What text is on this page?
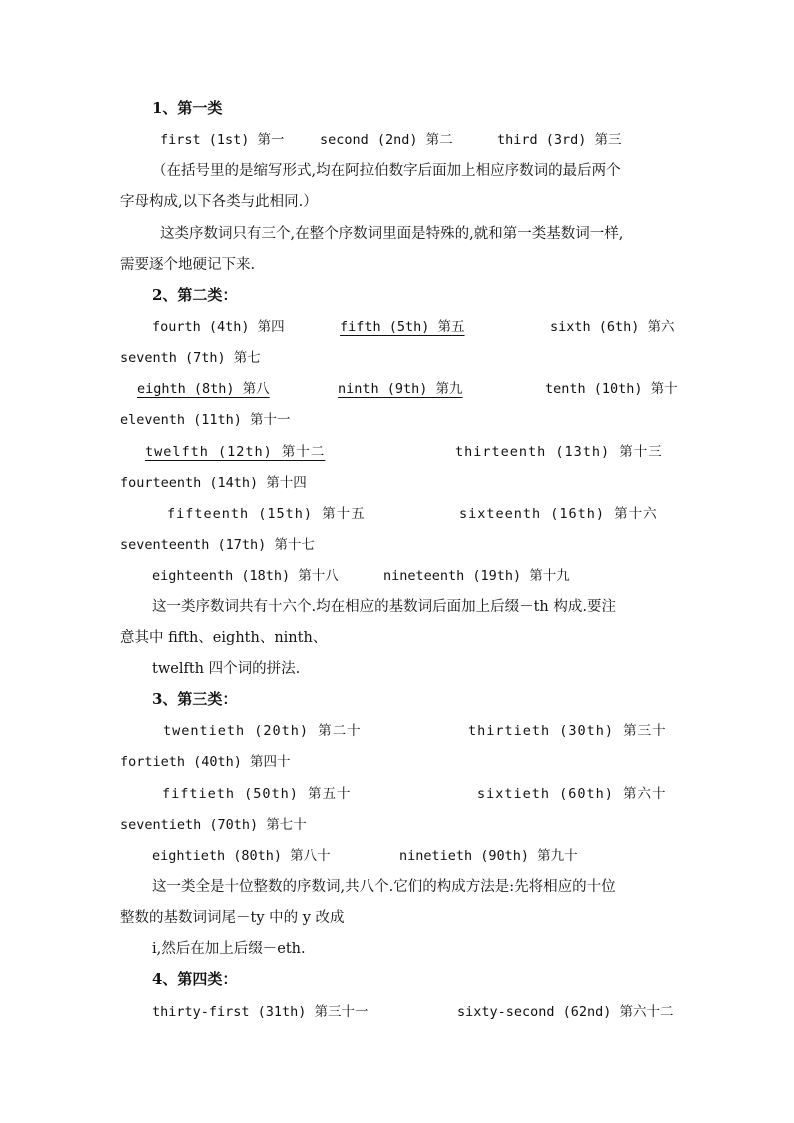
1、第一类
first (1st) 第一	second (2nd) 第二	third (3rd) 第三
（在括号里的是缩写形式,均在阿拉伯数字后面加上相应序数词的最后两个
字母构成,以下各类与此相同.）
这类序数词只有三个,在整个序数词里面是特殊的,就和第一类基数词一样,
需要逐个地硬记下来.
2、第二类：
fourth (4th) 第四	fifth (5th) 第五	sixth (6th) 第六
seventh (7th) 第七
eighth (8th) 第八	ninth (9th) 第九	tenth (10th) 第十
eleventh (11th) 第十一
twelfth (12th) 第十二	thirteenth (13th) 第十三
fourteenth (14th) 第十四
fifteenth (15th) 第十五	sixteenth (16th) 第十六
seventeenth (17th) 第十七
eighteenth (18th) 第十八	nineteenth (19th) 第十九
这一类序数词共有十六个.均在相应的基数词后面加上后缀－th 构成.要注
意其中 fifth、eighth、ninth、
twelfth 四个词的拼法.
3、第三类：
twentieth (20th) 第二十	thirtieth (30th) 第三十
fortieth (40th) 第四十
fiftieth (50th) 第五十	sixtieth (60th) 第六十
seventieth (70th) 第七十
eightieth (80th) 第八十	ninetieth (90th) 第九十
这一类全是十位整数的序数词,共八个.它们的构成方法是:先将相应的十位
整数的基数词词尾－ty 中的 y 改成
i,然后在加上后缀－eth.
4、第四类：
thirty-first (31th) 第三十一	sixty-second (62nd) 第六十二
